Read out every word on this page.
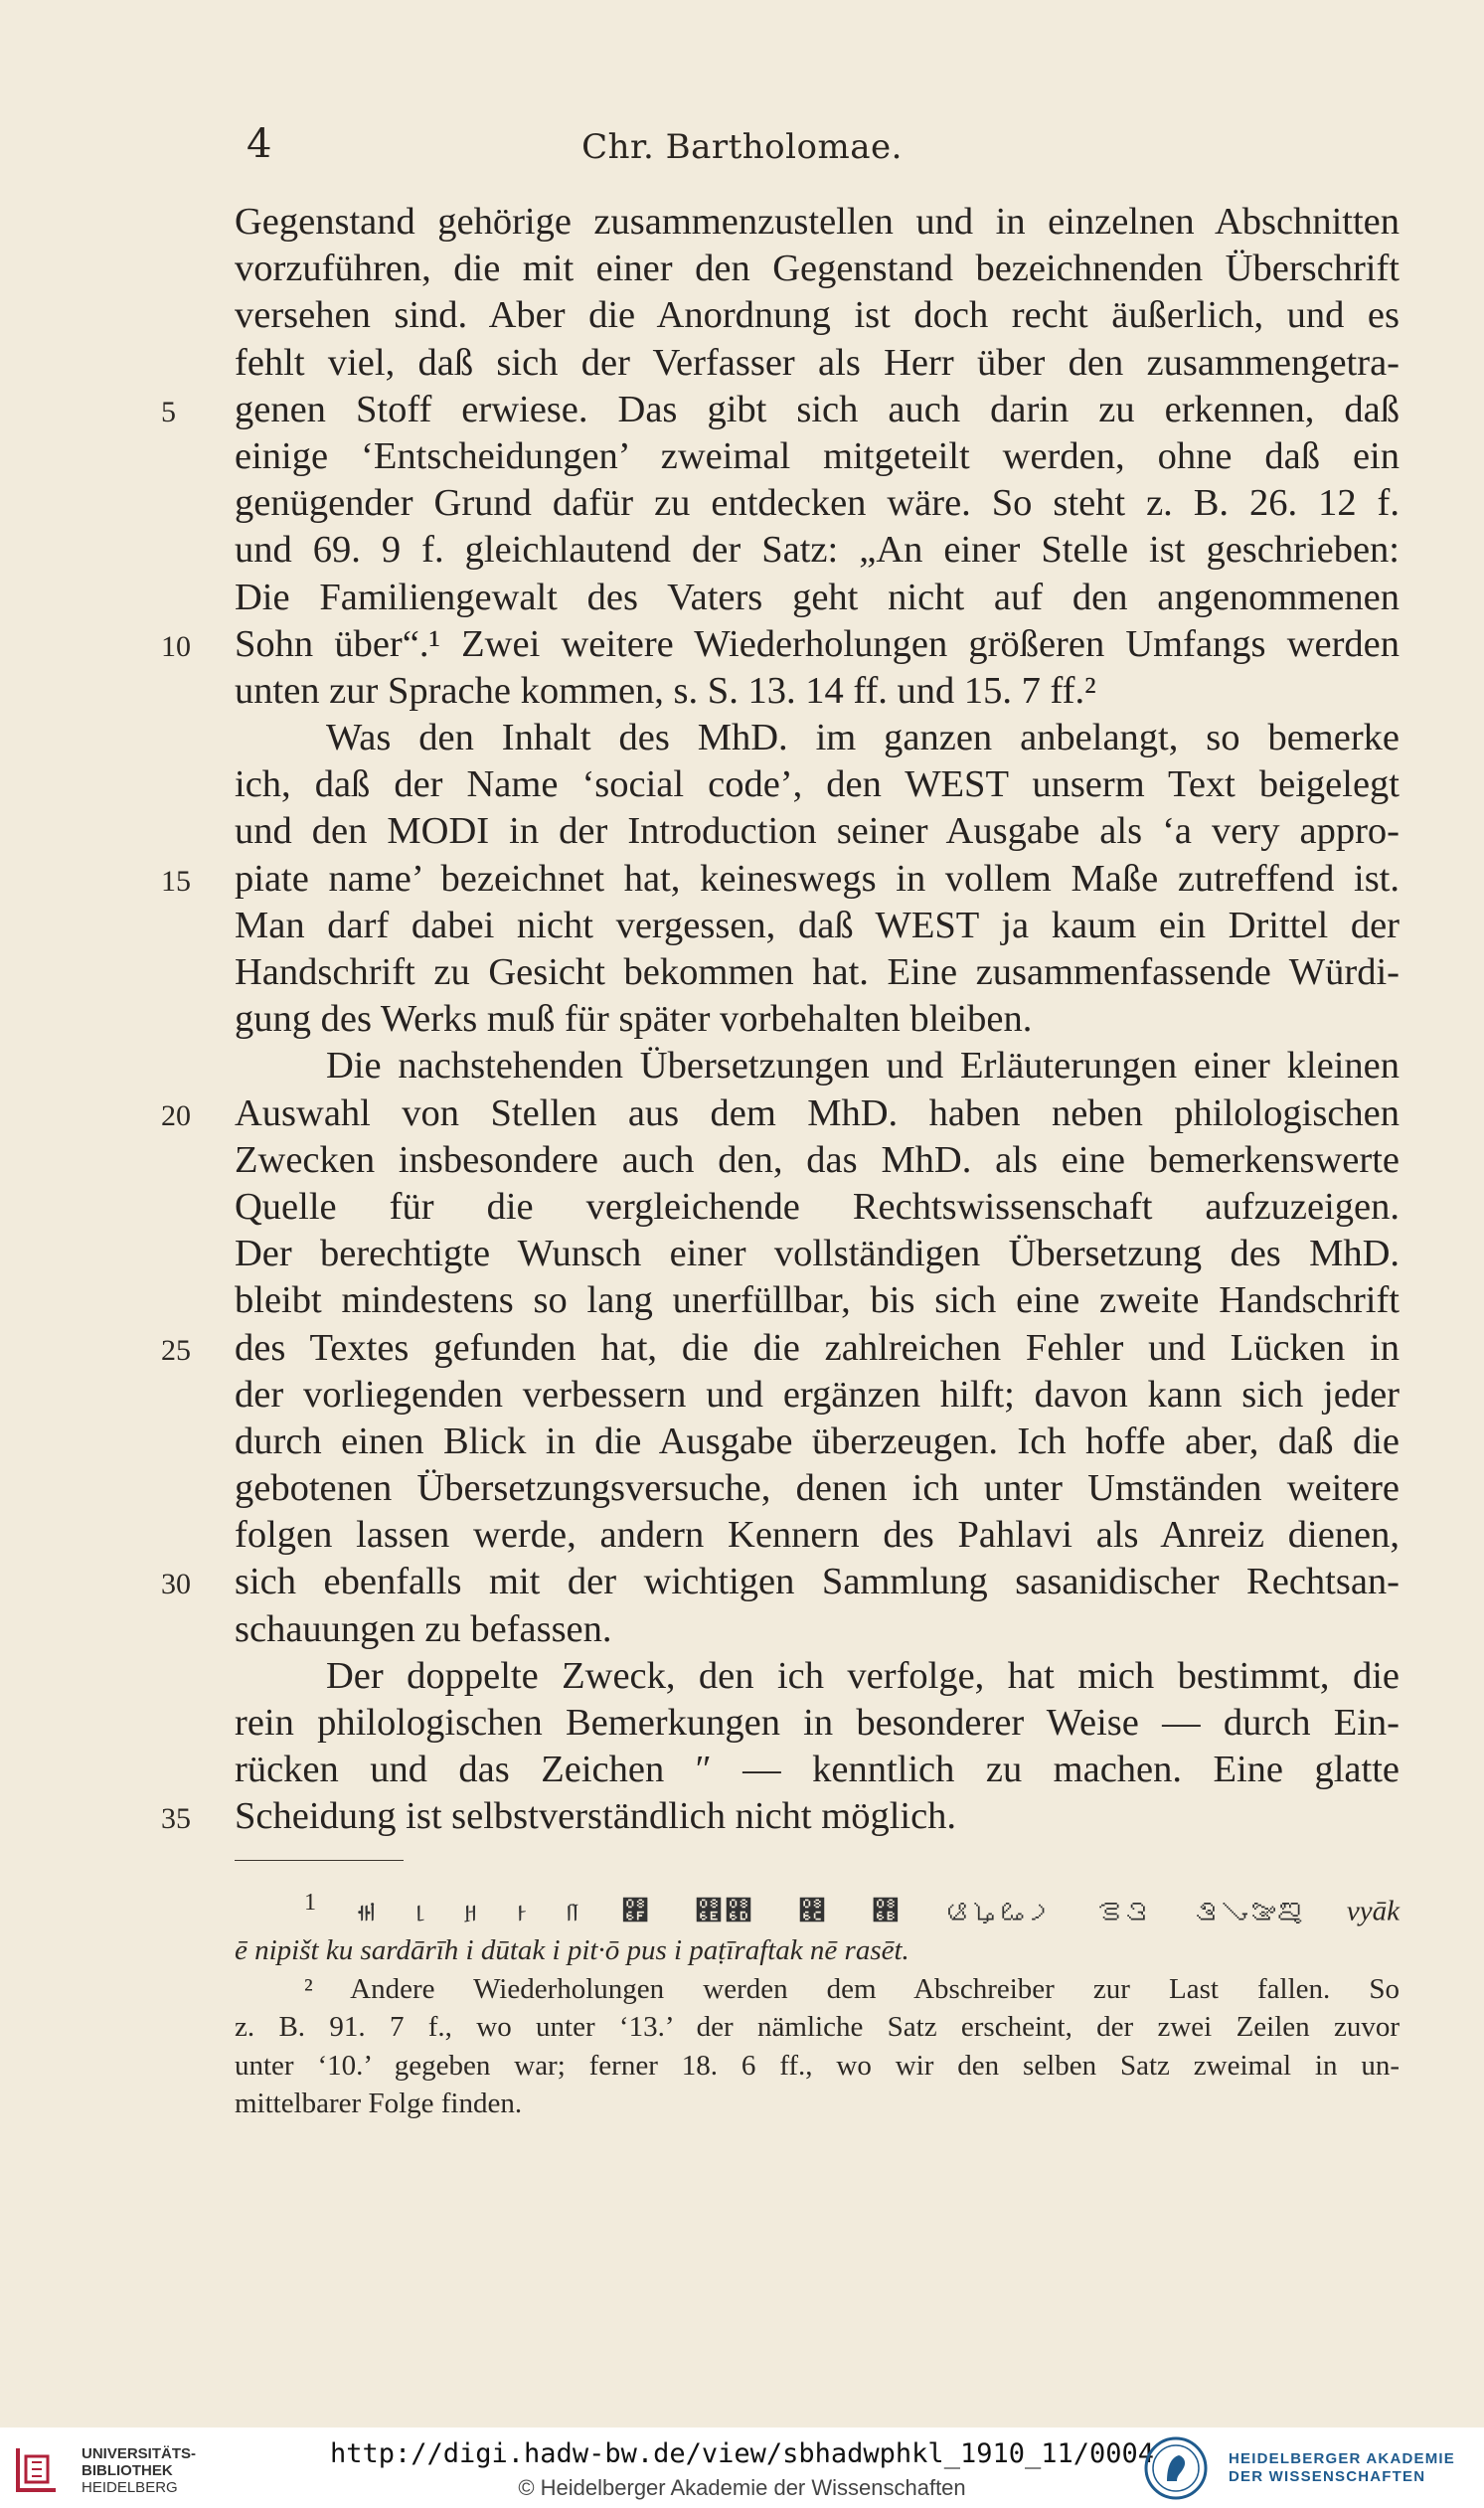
4	Chr. Bartholomae.
Gegenstand gehörige zusammenzustellen und in einzelnen Abschnitten
vorzuführen, die mit einer den Gegenstand bezeichnenden Überschrift
versehen sind. Aber die Anordnung ist doch recht äußerlich, und es
fehlt viel, daß sich der Verfasser als Herr über den zusammengetra-
5	genen Stoff erwiese. Das gibt sich auch darin zu erkennen, daß
einige ‘Entscheidungen’ zweimal mitgeteilt werden, ohne daß ein
genügender Grund dafür zu entdecken wäre. So steht z. B. 26. 12 f.
und 69. 9 f. gleichlautend der Satz: „An einer Stelle ist geschrieben:
Die Familiengewalt des Vaters geht nicht auf den angenommenen
10	Sohn über“.¹ Zwei weitere Wiederholungen größeren Umfangs werden
unten zur Sprache kommen, s. S. 13. 14 ff. und 15. 7 ff.²
Was den Inhalt des MhD. im ganzen anbelangt, so bemerke
ich, daß der Name ‘social code’, den WEST unserm Text beigelegt
und den MODI in der Introduction seiner Ausgabe als ‘a very appro-
15	piate name’ bezeichnet hat, keineswegs in vollem Maße zutreffend ist.
Man darf dabei nicht vergessen, daß WEST ja kaum ein Drittel der
Handschrift zu Gesicht bekommen hat. Eine zusammenfassende Würdi-
gung des Werks muß für später vorbehalten bleiben.
Die nachstehenden Übersetzungen und Erläuterungen einer kleinen
20	Auswahl von Stellen aus dem MhD. haben neben philologischen
Zwecken insbesondere auch den, das MhD. als eine bemerkenswerte
Quelle für die vergleichende Rechtswissenschaft aufzuzeigen.
Der berechtigte Wunsch einer vollständigen Übersetzung des MhD.
bleibt mindestens so lang unerfüllbar, bis sich eine zweite Handschrift
25	des Textes gefunden hat, die die zahlreichen Fehler und Lücken in
der vorliegenden verbessern und ergänzen hilft; davon kann sich jeder
durch einen Blick in die Ausgabe überzeugen. Ich hoffe aber, daß die
gebotenen Übersetzungsversuche, denen ich unter Umständen weitere
folgen lassen werde, andern Kennern des Pahlavi als Anreiz dienen,
30	sich ebenfalls mit der wichtigen Sammlung sasanidischer Rechtsan-
schauungen zu befassen.
Der doppelte Zweck, den ich verfolge, hat mich bestimmt, die
rein philologischen Bemerkungen in besonderer Weise — durch Ein-
rücken und das Zeichen ″ — kenntlich zu machen. Eine glatte
35	Scheidung ist selbstverständlich nicht möglich.
$^1$ ࡡࡢࡣࡤ ࡥࡦ ࡧࡨࡩࡪ ࡫ ࡬ ࡭࡮ ࡯ ࡰࡱ ࡲ ࡳࡴ ࡵ ࡶࡷࡸ vyāk
ē nipišt ku sardārīh i dūtak i pit·ō pus i paṭīraftak nē rasēt.
² Andere Wiederholungen werden dem Abschreiber zur Last fallen. So
z. B. 91. 7 f., wo unter ‘13.’ der nämliche Satz erscheint, der zwei Zeilen zuvor
unter ‘10.’ gegeben war; ferner 18. 6 ff., wo wir den selben Satz zweimal in un-
mittelbarer Folge finden.
UNIVERSITÄTS-
BIBLIOTHEK
HEIDELBERG
http://digi.hadw-bw.de/view/sbhadwphkl_1910_11/0004
© Heidelberger Akademie der Wissenschaften
HEIDELBERGER AKADEMIE
DER WISSENSCHAFTEN
